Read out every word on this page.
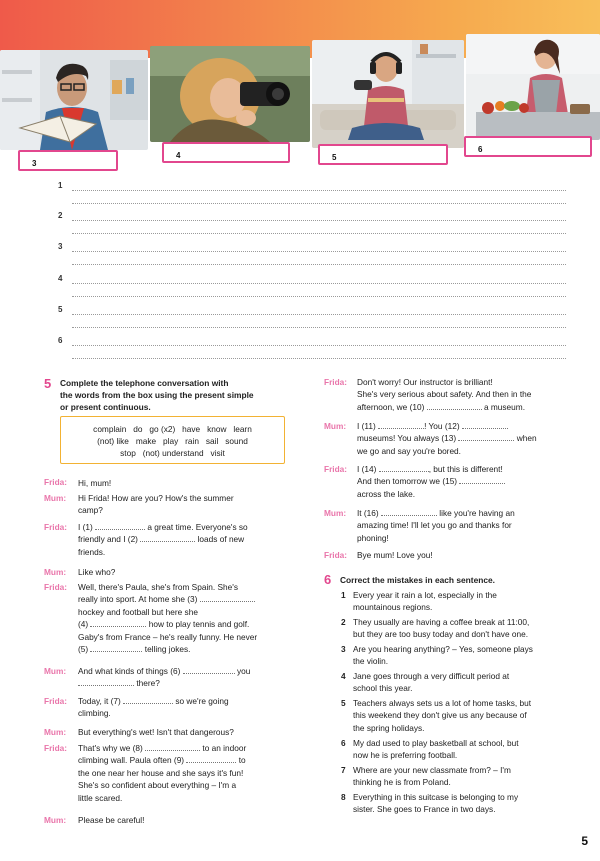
3
4	5
6
1
2
3
4
5
6
5 Complete the telephone conversation with
the words from the box using the present simple
or present continuous.
complain   do   go (x2)   have   know   learn
(not) like   make   play   rain   sail   sound
stop   (not) understand   visit
Frida: Hi, mum!
Mum: Hi Frida! How are you? How's the summer
camp?
Frida: I (1)	a great time. Everyone's so
friendly and I (2)	loads of new
friends.
Mum: Like who?
Frida: Well, there's Paula, she's from Spain. She's
really into sport. At home she (3)
hockey and football but here she
(4)	how to play tennis and golf.
Gaby's from France – he's really funny. He never
(5)	telling jokes.
Mum: And what kinds of things (6)	you
there?
Frida: Today, it (7)	so we're going
climbing.
Mum: But everything's wet! Isn't that dangerous?
Frida: That's why we (8)	to an indoor
climbing wall. Paula often (9)	to
the one near her house and she says it's fun!
She's so confident about everything – I'm a
little scared.
Mum: Please be careful!
Frida: Don't worry! Our instructor is brilliant!
She's very serious about safety. And then in the
afternoon, we (10)	a museum.
Mum: I (11)	! You (12)
museums! You always (13)	when
we go and say you're bored.
Frida: I (14)	, but this is different!
And then tomorrow we (15)
across the lake.
Mum: It (16)	like you're having an
amazing time! I'll let you go and thanks for
phoning!
Frida: Bye mum! Love you!
6 Correct the mistakes in each sentence.
1 Every year it rain a lot, especially in the
mountainous regions.
2 They usually are having a coffee break at 11:00,
but they are too busy today and don't have one.
3 Are you hearing anything? – Yes, someone plays
the violin.
4 Jane goes through a very difficult period at
school this year.
5 Teachers always sets us a lot of home tasks, but
this weekend they don't give us any because of
the spring holidays.
6 My dad used to play basketball at school, but
now he is preferring football.
7 Where are your new classmate from? – I'm
thinking he is from Poland.
8 Everything in this suitcase is belonging to my
sister. She goes to France in two days.
5
